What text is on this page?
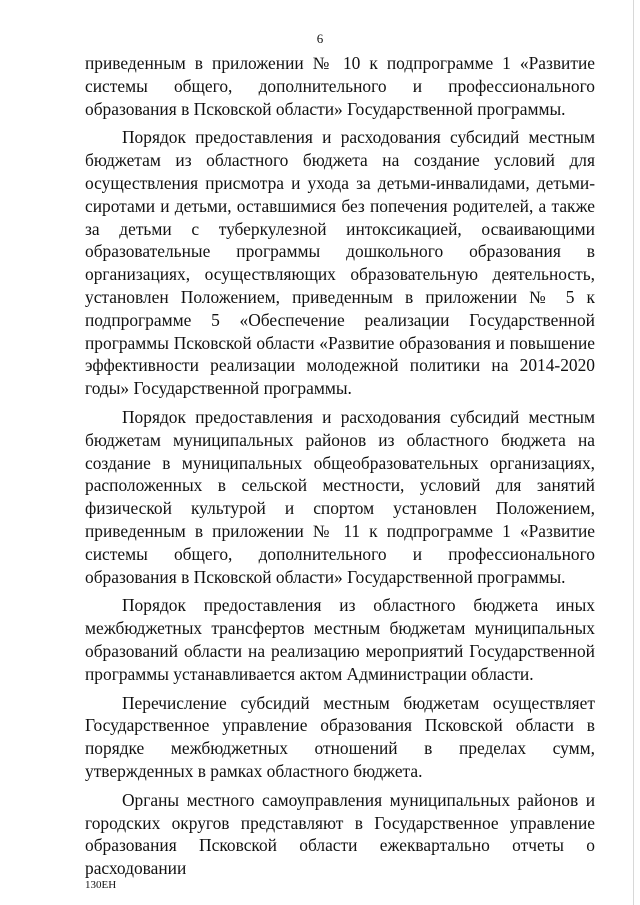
6

приведенным в приложении № 10 к подпрограмме 1 «Развитие системы общего, дополнительного и профессионального образования в Псковской области» Государственной программы.

Порядок предоставления и расходования субсидий местным бюджетам из областного бюджета на создание условий для осуществления присмотра и ухода за детьми-инвалидами, детьми-сиротами и детьми, оставшимися без попечения родителей, а также за детьми с туберкулезной интоксикацией, осваивающими образовательные программы дошкольного образования в организациях, осуществляющих образовательную деятельность, установлен Положением, приведенным в приложении № 5 к подпрограмме 5 «Обеспечение реализации Государственной программы Псковской области «Развитие образования и повышение эффективности реализации молодежной политики на 2014-2020 годы» Государственной программы.

Порядок предоставления и расходования субсидий местным бюджетам муниципальных районов из областного бюджета на создание в муниципальных общеобразовательных организациях, расположенных в сельской местности, условий для занятий физической культурой и спортом установлен Положением, приведенным в приложении № 11 к подпрограмме 1 «Развитие системы общего, дополнительного и профессионального образования в Псковской области» Государственной программы.

Порядок предоставления из областного бюджета иных межбюджетных трансфертов местным бюджетам муниципальных образований области на реализацию мероприятий Государственной программы устанавливается актом Администрации области.

Перечисление субсидий местным бюджетам осуществляет Государственное управление образования Псковской области в порядке межбюджетных отношений в пределах сумм, утвержденных в рамках областного бюджета.

Органы местного самоуправления муниципальных районов и городских округов представляют в Государственное управление образования Псковской области ежеквартально отчеты о расходовании

130ЕН
